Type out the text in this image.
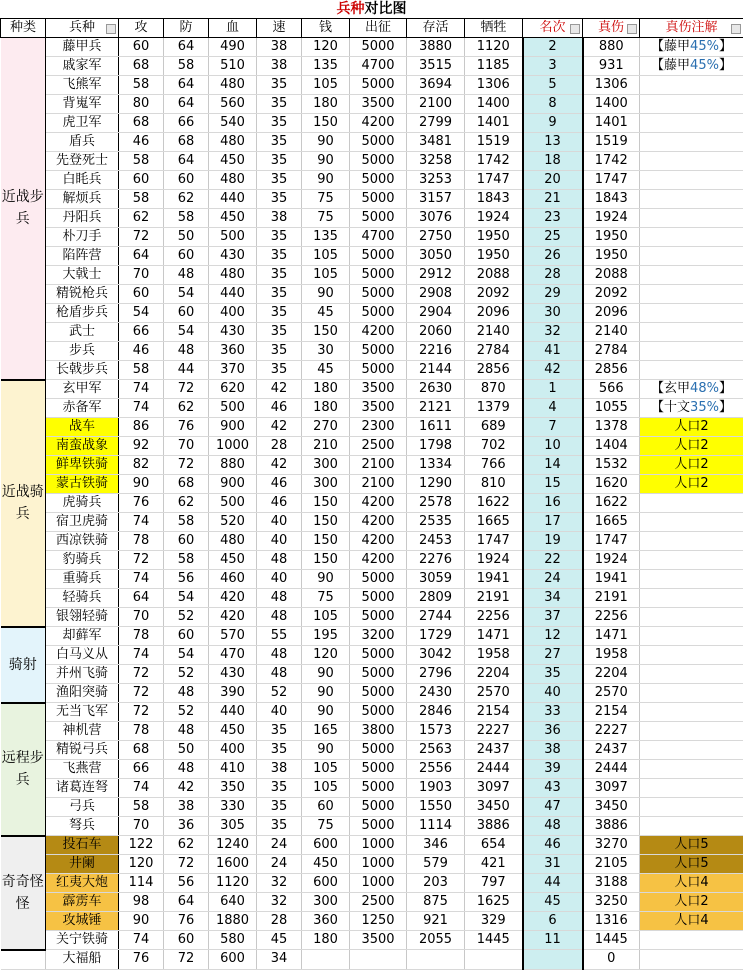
兵种对比图
种类	兵种	攻	防	血	速	钱	出征	存活	牺牲	名次	真伤	真伤注解
近战步兵	藤甲兵	60	64	490	38	120	5000	3880	1120	2	880	【藤甲45%】
	戚家军	68	58	510	38	135	4700	3515	1185	3	931	【藤甲45%】
	飞熊军	58	64	480	35	105	5000	3694	1306	5	1306	
	背嵬军	80	64	560	35	180	3500	2100	1400	8	1400	
	虎卫军	68	66	540	35	150	4200	2799	1401	9	1401	
	盾兵	46	68	480	35	90	5000	3481	1519	13	1519	
	先登死士	58	64	450	35	90	5000	3258	1742	18	1742	
	白眊兵	60	60	480	35	90	5000	3253	1747	20	1747	
	解烦兵	58	62	440	35	75	5000	3157	1843	21	1843	
	丹阳兵	62	58	450	38	75	5000	3076	1924	23	1924	
	朴刀手	72	50	500	35	135	4700	2750	1950	25	1950	
	陷阵营	64	60	430	35	105	5000	3050	1950	26	1950	
	大戟士	70	48	480	35	105	5000	2912	2088	28	2088	
	精锐枪兵	60	54	440	35	90	5000	2908	2092	29	2092	
	枪盾步兵	54	60	400	35	45	5000	2904	2096	30	2096	
	武士	66	54	430	35	150	4200	2060	2140	32	2140	
	步兵	46	48	360	35	30	5000	2216	2784	41	2784	
	长戟步兵	58	44	370	35	45	5000	2144	2856	42	2856	
近战骑兵	玄甲军	74	72	620	42	180	3500	2630	870	1	566	【玄甲48%】
	赤备军	74	62	500	46	180	3500	2121	1379	4	1055	【十文35%】
	战车	86	76	900	42	270	2300	1611	689	7	1378	人口2
	南蛮战象	92	70	1000	28	210	2500	1798	702	10	1404	人口2
	鲜卑铁骑	82	72	880	42	300	2100	1334	766	14	1532	人口2
	蒙古铁骑	90	68	900	46	300	2100	1290	810	15	1620	人口2
	虎骑兵	76	62	500	46	150	4200	2578	1622	16	1622	
	宿卫虎骑	74	58	520	40	150	4200	2535	1665	17	1665	
	西凉铁骑	78	60	480	40	150	4200	2453	1747	19	1747	
	豹骑兵	72	58	450	48	150	4200	2276	1924	22	1924	
	重骑兵	74	56	460	40	90	5000	3059	1941	24	1941	
	轻骑兵	64	54	420	48	75	5000	2809	2191	34	2191	
	银翎轻骑	70	52	420	48	105	5000	2744	2256	37	2256	
骑射	却藓军	78	60	570	55	195	3200	1729	1471	12	1471	
	白马义从	74	54	470	48	120	5000	3042	1958	27	1958	
	并州飞骑	72	52	430	48	90	5000	2796	2204	35	2204	
	渔阳突骑	72	48	390	52	90	5000	2430	2570	40	2570	
远程步兵	无当飞军	72	52	440	40	90	5000	2846	2154	33	2154	
	神机营	78	48	450	35	165	3800	1573	2227	36	2227	
	精锐弓兵	68	50	400	35	90	5000	2563	2437	38	2437	
	飞燕营	66	48	410	38	105	5000	2556	2444	39	2444	
	诸葛连弩	74	42	350	35	105	5000	1903	3097	43	3097	
	弓兵	58	38	330	35	60	5000	1550	3450	47	3450	
	弩兵	70	36	305	35	75	5000	1114	3886	48	3886	
奇奇怪怪	投石车	122	62	1240	24	600	1000	346	654	46	3270	人口5
	井阑	120	72	1600	24	450	1000	579	421	31	2105	人口5
	红夷大炮	114	56	1120	32	600	1000	203	797	44	3188	人口4
	霹雳车	98	64	640	32	300	2500	875	1625	45	3250	人口2
	攻城锤	90	76	1880	28	360	1250	921	329	6	1316	人口4
	关宁铁骑	74	60	580	45	180	3500	2055	1445	11	1445	
	大福船	76	72	600	34						0	
